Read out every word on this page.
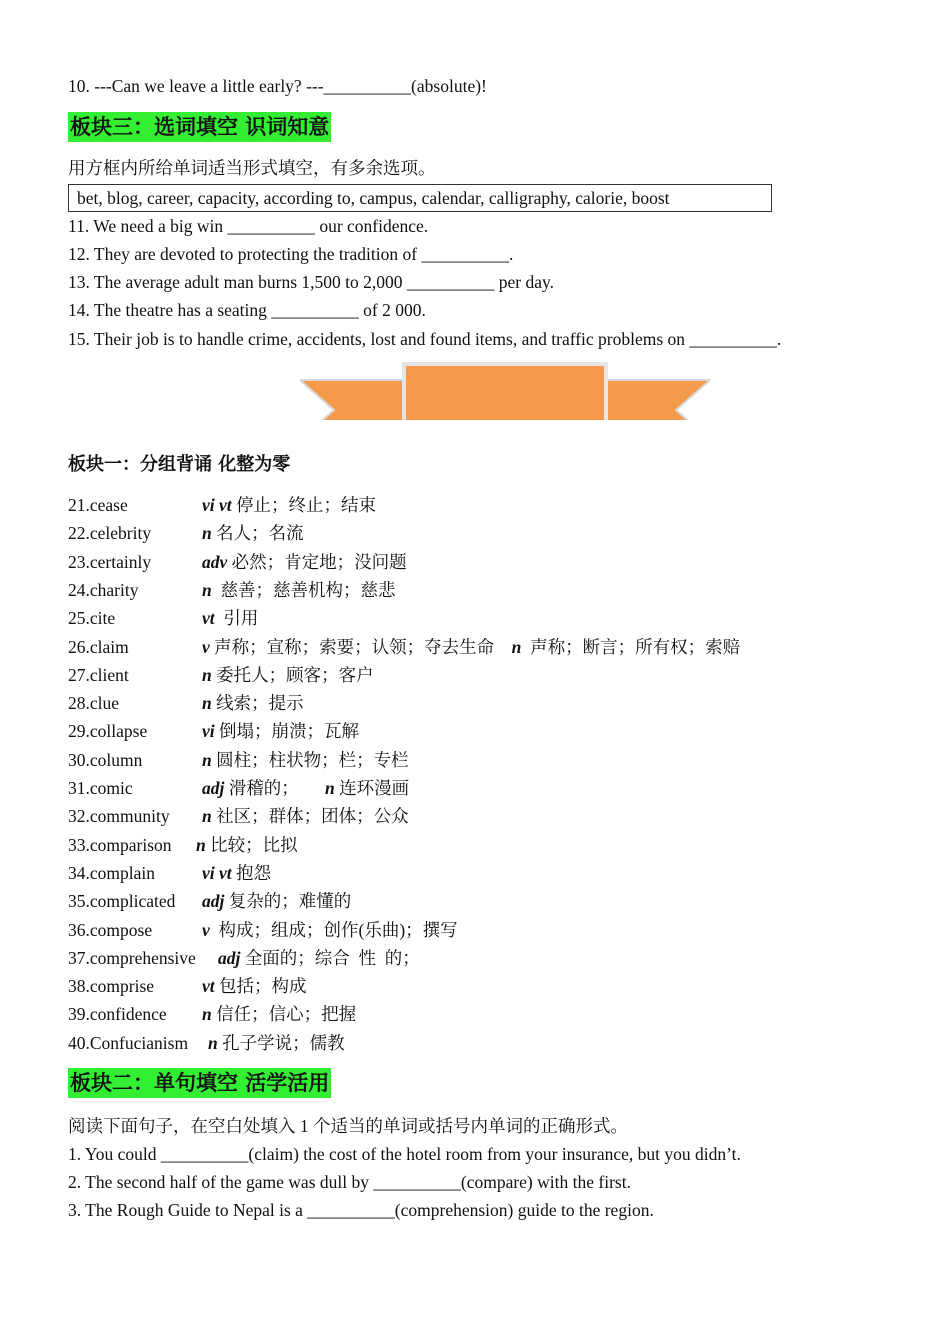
10. ---Can we leave a little early? ---__________(absolute)!
板块三：选词填空 识词知意
用方框内所给单词适当形式填空，有多余选项。
bet, blog, career, capacity, according to, campus, calendar, calligraphy, calorie, boost
11. We need a big win __________ our confidence.
12. They are devoted to protecting the tradition of __________.
13. The average adult man burns 1,500 to 2,000 __________ per day.
14. The theatre has a seating __________ of 2 000.
15. Their job is to handle crime, accidents, lost and found items, and traffic problems on __________.
板块一：分组背诵 化整为零
21.cease	vi vt 停止；终止；结束
22.celebrity	n 名人；名流
23.certainly	adv 必然；肯定地；没问题
24.charity	n  慈善；慈善机构；慈悲
25.cite	vt  引用
26.claim	v 声称；宣称；索要；认领；夺去生命    n  声称；断言；所有权；索赔
27.client	n 委托人；顾客；客户
28.clue	n 线索；提示
29.collapse	vi 倒塌；崩溃；瓦解
30.column	n 圆柱；柱状物；栏；专栏
31.comic	adj 滑稽的；      n 连环漫画
32.community n 社区；群体；团体；公众
33.comparison n 比较；比拟
34.complain	vi vt 抱怨
35.complicated adj 复杂的；难懂的
36.compose	v  构成；组成；创作(乐曲)；撰写
37.comprehensive adj 全面的；综合  性  的；
38.comprise	vt 包括；构成
39.confidence n 信任；信心；把握
40.Confucianism n 孔子学说；儒教
板块二：单句填空 活学活用
阅读下面句子，在空白处填入 1 个适当的单词或括号内单词的正确形式。
1. You could __________(claim) the cost of the hotel room from your insurance, but you didn’t.
2. The second half of the game was dull by __________(compare) with the first.
3. The Rough Guide to Nepal is a __________(comprehension) guide to the region.
